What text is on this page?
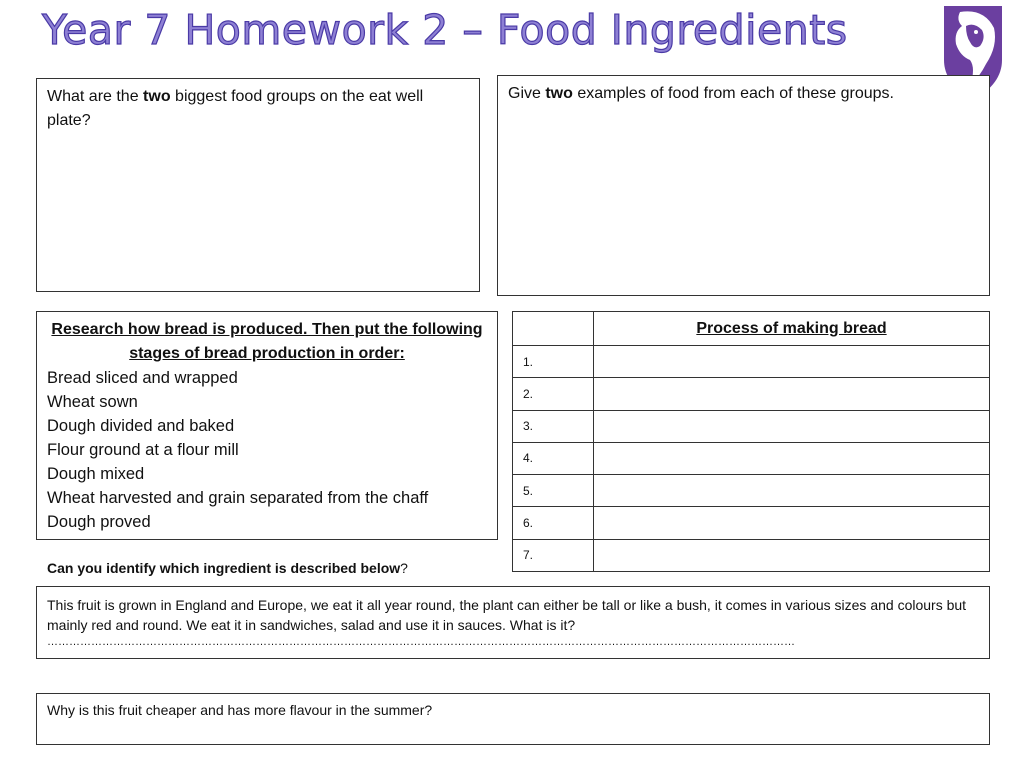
Year 7 Homework 2 – Food Ingredients
What are the two biggest food groups on the eat well plate?
Give two examples of food from each of these groups.
Research how bread is produced. Then put the following stages of bread production in order:
Bread sliced and wrapped
Wheat sown
Dough divided and baked
Flour ground at a flour mill
Dough mixed
Wheat harvested and grain separated from the chaff
Dough proved
	Process of making bread
1.	
2.	
3.	
4.	
5.	
6.	
7.	
Can you identify which ingredient is described below?
This fruit is grown in England and Europe, we eat it all year round, the plant can either be tall or like a bush, it comes in various sizes and colours but mainly red and round. We eat it in sandwiches, salad and use it in sauces. What is it?
……………………………………………………………………………………………………………………………………………………………………………………
Why is this fruit cheaper and has more flavour in the summer?
